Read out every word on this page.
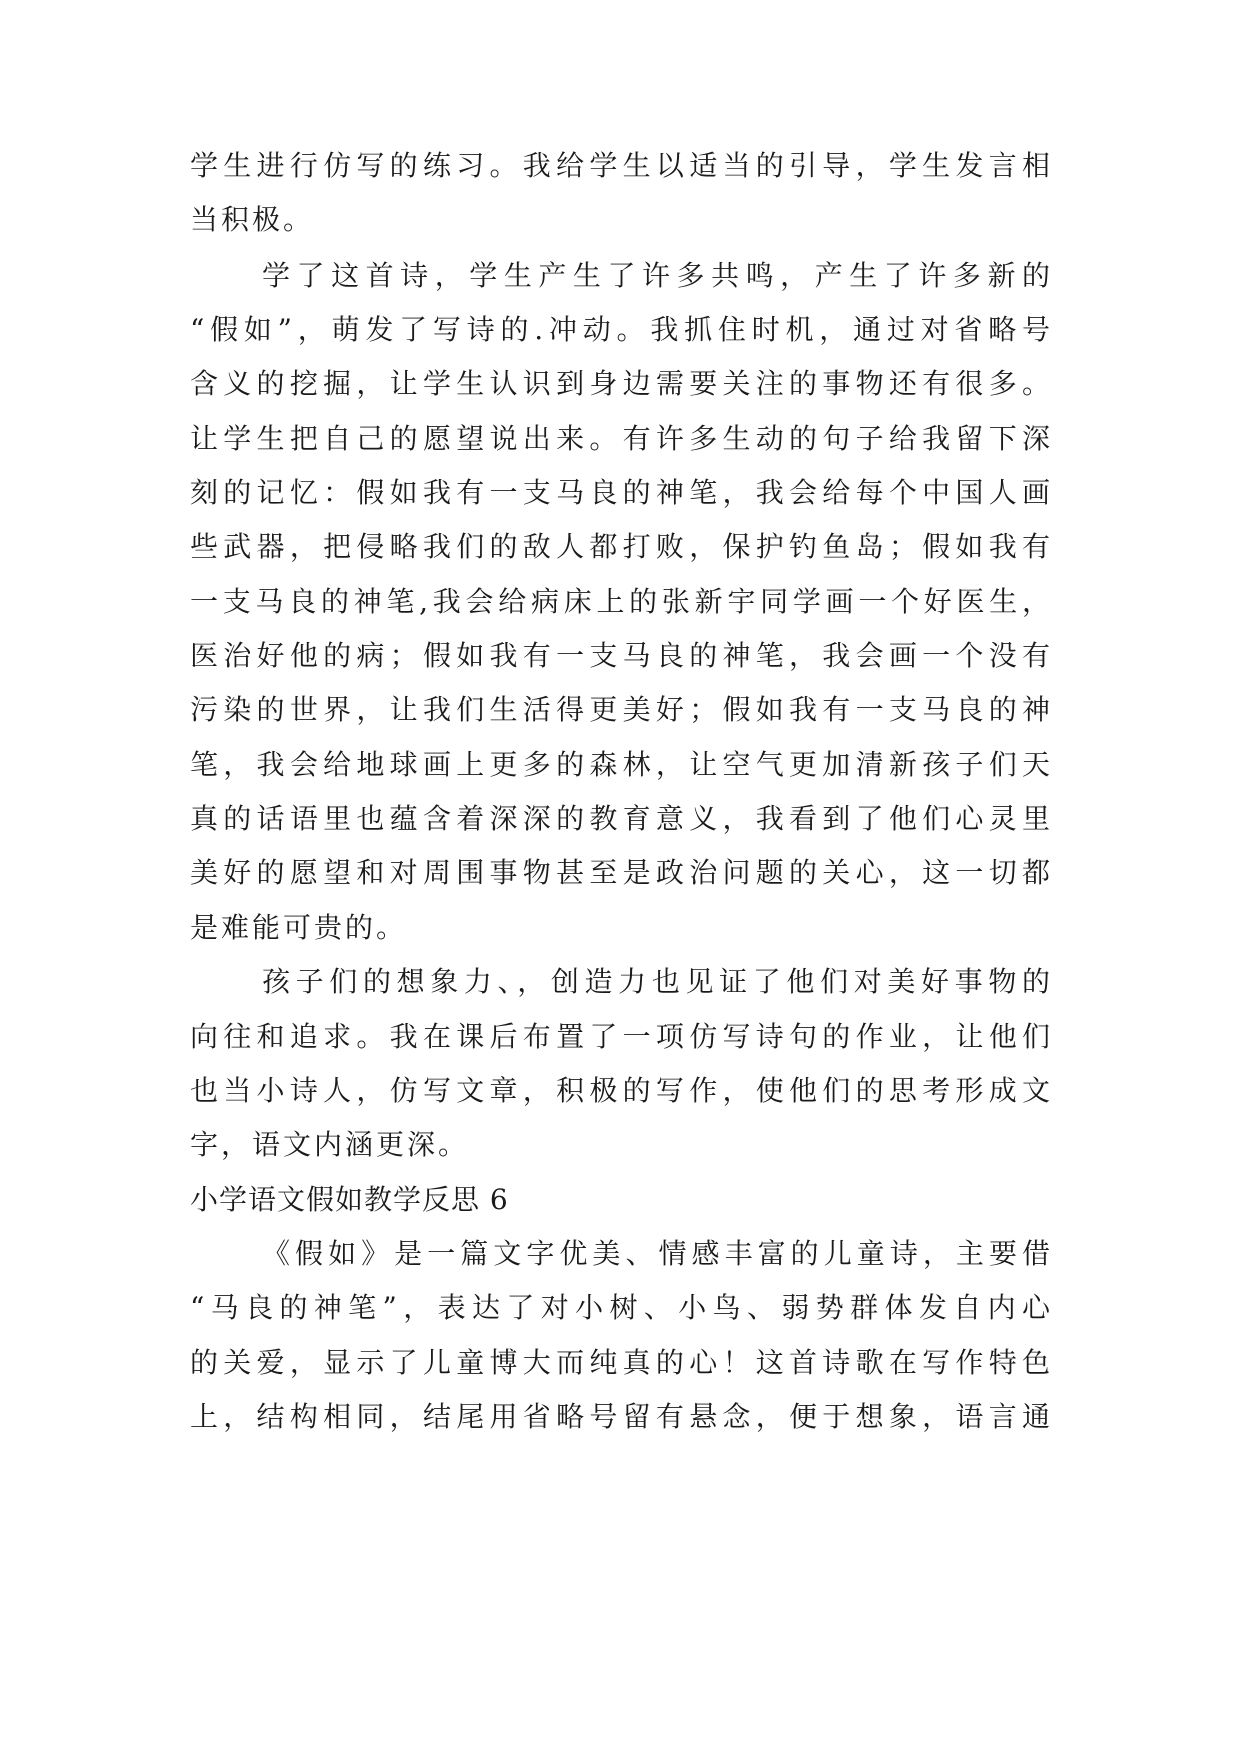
学生进行仿写的练习。我给学生以适当的引导，学生发言相
当积极。
学了这首诗，学生产生了许多共鸣，产生了许多新的
“假如”，萌发了写诗的.冲动。我抓住时机，通过对省略号
含义的挖掘，让学生认识到身边需要关注的事物还有很多。
让学生把自己的愿望说出来。有许多生动的句子给我留下深
刻的记忆：假如我有一支马良的神笔，我会给每个中国人画
些武器，把侵略我们的敌人都打败，保护钓鱼岛；假如我有
一支马良的神笔,我会给病床上的张新宇同学画一个好医生，
医治好他的病；假如我有一支马良的神笔，我会画一个没有
污染的世界，让我们生活得更美好；假如我有一支马良的神
笔，我会给地球画上更多的森林，让空气更加清新孩子们天
真的话语里也蕴含着深深的教育意义，我看到了他们心灵里
美好的愿望和对周围事物甚至是政治问题的关心，这一切都
是难能可贵的。
孩子们的想象力、，创造力也见证了他们对美好事物的
向往和追求。我在课后布置了一项仿写诗句的作业，让他们
也当小诗人，仿写文章，积极的写作，使他们的思考形成文
字，语文内涵更深。
小学语文假如教学反思 6
《假如》是一篇文字优美、情感丰富的儿童诗，主要借
“马良的神笔”，表达了对小树、小鸟、弱势群体发自内心
的关爱，显示了儿童博大而纯真的心！这首诗歌在写作特色
上，结构相同，结尾用省略号留有悬念，便于想象，语言通
